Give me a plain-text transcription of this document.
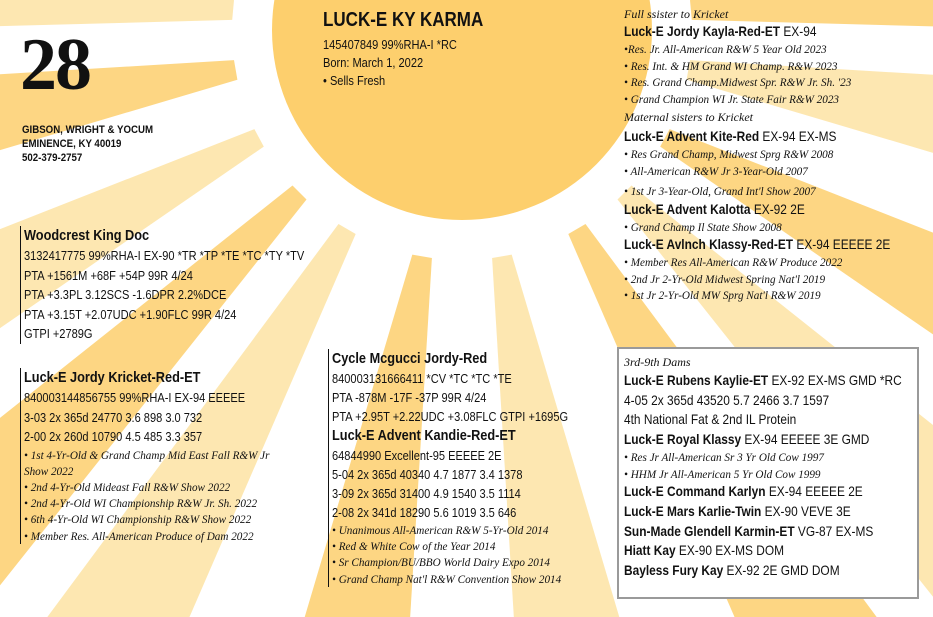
28
GIBSON, WRIGHT & YOCUM
EMINENCE, KY 40019
502-379-2757
LUCK-E KY KARMA
145407849 99%RHA-I *RC
Born: March 1, 2022
• Sells Fresh
Woodcrest King Doc
3132417775 99%RHA-I EX-90 *TR *TP *TE *TC *TY *TV
PTA +1561M +68F +54P 99R 4/24
PTA +3.3PL 3.12SCS -1.6DPR 2.2%DCE
PTA +3.15T +2.07UDC +1.90FLC 99R 4/24
GTPI +2789G
Luck-E Jordy Kricket-Red-ET
840003144856755 99%RHA-I EX-94 EEEEE
3-03 2x 365d 24770 3.6 898 3.0 732
2-00 2x 260d 10790 4.5 485 3.3 357
• 1st 4-Yr-Old & Grand Champ Mid East Fall R&W Jr Show 2022
• 2nd 4-Yr-Old Mideast Fall R&W Show 2022
• 2nd 4-Yr-Old WI Championship R&W Jr. Sh. 2022
• 6th 4-Yr-Old WI Championship R&W Show 2022
• Member Res. All-American Produce of Dam 2022
Cycle Mcgucci Jordy-Red
840003131666411 *CV *TC *TC *TE
PTA -878M -17F -37P 99R 4/24
PTA +2.95T +2.22UDC +3.08FLC GTPI +1695G
Luck-E Advent Kandie-Red-ET
64844990 Excellent-95 EEEEE 2E
5-04 2x 365d 40340 4.7 1877 3.4 1378
3-09 2x 365d 31400 4.9 1540 3.5 1114
2-08 2x 341d 18290 5.6 1019 3.5 646
• Unanimous All-American R&W 5-Yr-Old 2014
• Red & White Cow of the Year 2014
• Sr Champion/BU/BBO World Dairy Expo 2014
• Grand Champ Nat'l R&W Convention Show 2014
Full ssister to Kricket
Luck-E Jordy Kayla-Red-ET EX-94
•Res. Jr. All-American R&W 5 Year Old 2023
• Res. Int. & HM Grand WI Champ. R&W 2023
• Res. Grand Champ.Midwest Spr. R&W Jr. Sh. '23
• Grand Champion WI Jr. State Fair R&W 2023
Maternal sisters to Kricket
Luck-E Advent Kite-Red EX-94 EX-MS
• Res Grand Champ, Midwest Sprg R&W 2008
• All-American R&W Jr 3-Year-Old 2007
• 1st Jr 3-Year-Old, Grand Int'l Show 2007
Luck-E Advent Kalotta EX-92 2E
• Grand Champ Il State Show 2008
Luck-E Avlnch Klassy-Red-ET EX-94 EEEEE 2E
• Member Res All-American R&W Produce 2022
• 2nd Jr 2-Yr-Old Midwest Spring Nat'l 2019
• 1st Jr 2-Yr-Old MW Sprg Nat'l R&W 2019
3rd-9th Dams
Luck-E Rubens Kaylie-ET EX-92 EX-MS GMD *RC
4-05 2x 365d 43520 5.7 2466 3.7 1597
4th National Fat & 2nd IL Protein
Luck-E Royal Klassy EX-94 EEEEE 3E GMD
• Res Jr All-American Sr 3 Yr Old Cow 1997
• HHM Jr All-American 5 Yr Old Cow 1999
Luck-E Command Karlyn EX-94 EEEEE 2E
Luck-E Mars Karlie-Twin EX-90 VEVE 3E
Sun-Made Glendell Karmin-ET VG-87 EX-MS
Hiatt Kay EX-90 EX-MS DOM
Bayless Fury Kay EX-92 2E GMD DOM
